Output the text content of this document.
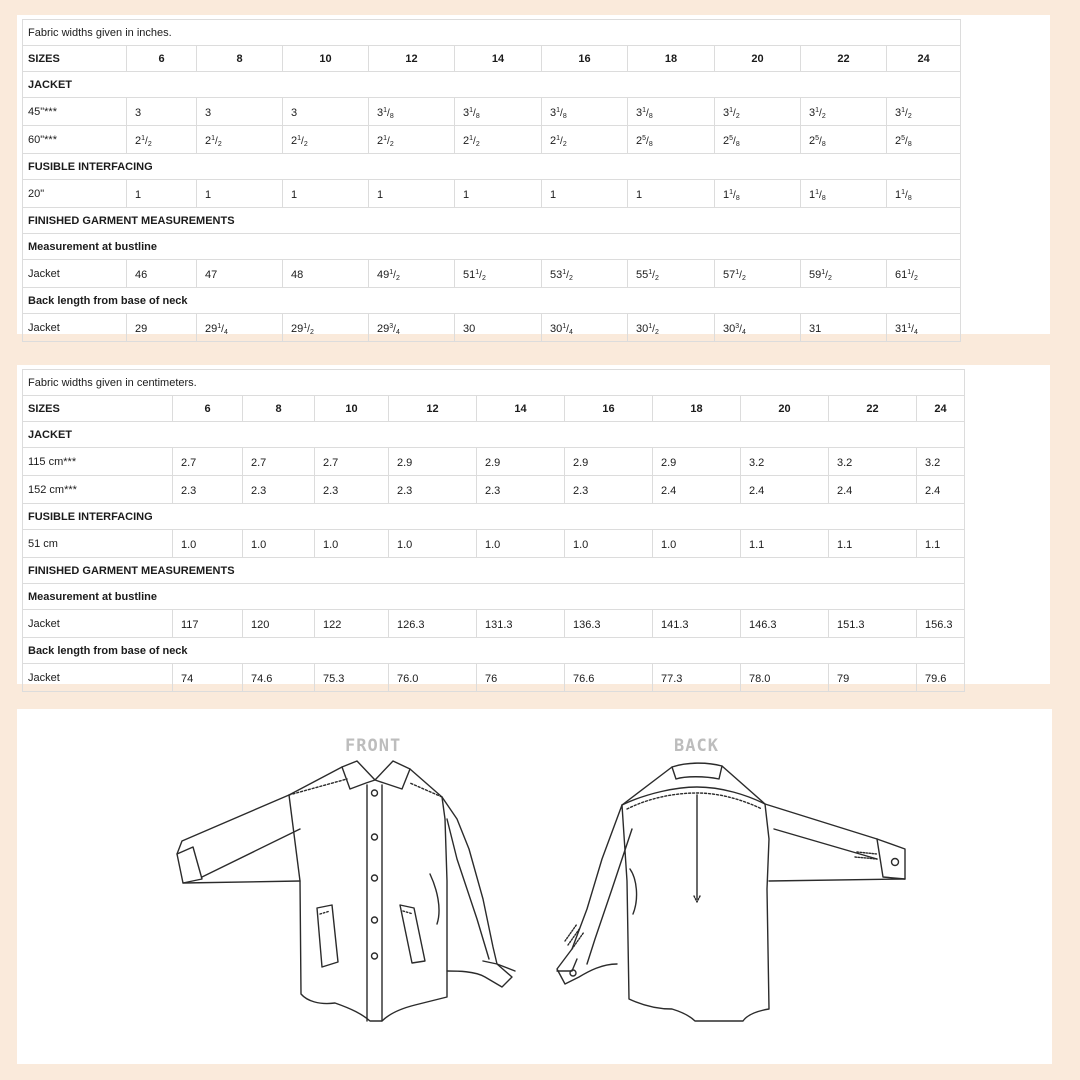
Fabric widths given in inches.											
SIZES	6	8	10	12	14	16	18	20	22	24	
JACKET											
45"***	3	3	3	$3^1/_8$	$3^1/_8$	$3^1/_8$	$3^1/_8$	$3^1/_2$	$3^1/_2$	$3^1/_2$	
60"***	$2^1/_2$	$2^1/_2$	$2^1/_2$	$2^1/_2$	$2^1/_2$	$2^1/_2$	$2^5/_8$	$2^5/_8$	$2^5/_8$	$2^5/_8$	
FUSIBLE INTERFACING											
20"	1	1	1	1	1	1	1	$1^1/_8$	$1^1/_8$	$1^1/_8$	
FINISHED GARMENT MEASUREMENTS											
Measurement at bustline											
Jacket	46	47	48	$49^1/_2$	$51^1/_2$	$53^1/_2$	$55^1/_2$	$57^1/_2$	$59^1/_2$	$61^1/_2$	
Back length from base of neck											
Jacket	29	$29^1/_4$	$29^1/_2$	$29^3/_4$	30	$30^1/_4$	$30^1/_2$	$30^3/_4$	31	$31^1/_4$	
Fabric widths given in centimeters.											
SIZES	6	8	10	12	14	16	18	20	22	24	
JACKET											
115 cm***	2.7	2.7	2.7	2.9	2.9	2.9	2.9	3.2	3.2	3.2	
152 cm***	2.3	2.3	2.3	2.3	2.3	2.3	2.4	2.4	2.4	2.4	
FUSIBLE INTERFACING											
51 cm	1.0	1.0	1.0	1.0	1.0	1.0	1.0	1.1	1.1	1.1	
FINISHED GARMENT MEASUREMENTS											
Measurement at bustline											
Jacket	117	120	122	126.3	131.3	136.3	141.3	146.3	151.3	156.3	
Back length from base of neck											
Jacket	74	74.6	75.3	76.0	76	76.6	77.3	78.0	79	79.6	
FRONT	BACK
